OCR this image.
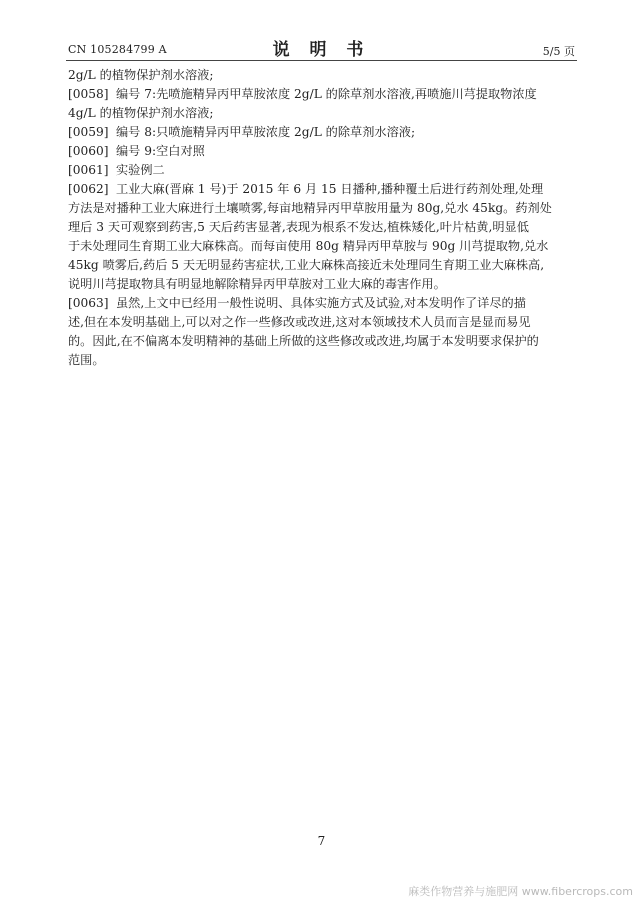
CN 105284799 A	说 明 书	5/5 页
2g/L 的植物保护剂水溶液;
[0058] 编号 7:先喷施精异丙甲草胺浓度 2g/L 的除草剂水溶液,再喷施川芎提取物浓度
4g/L 的植物保护剂水溶液;
[0059] 编号 8:只喷施精异丙甲草胺浓度 2g/L 的除草剂水溶液;
[0060] 编号 9:空白对照
[0061] 实验例二
[0062] 工业大麻(晋麻 1 号)于 2015 年 6 月 15 日播种,播种覆土后进行药剂处理,处理
方法是对播种工业大麻进行土壤喷雾,每亩地精异丙甲草胺用量为 80g,兑水 45kg。药剂处
理后 3 天可观察到药害,5 天后药害显著,表现为根系不发达,植株矮化,叶片枯黄,明显低
于未处理同生育期工业大麻株高。而每亩使用 80g 精异丙甲草胺与 90g 川芎提取物,兑水
45kg 喷雾后,药后 5 天无明显药害症状,工业大麻株高接近未处理同生育期工业大麻株高,
说明川芎提取物具有明显地解除精异丙甲草胺对工业大麻的毒害作用。
[0063] 虽然,上文中已经用一般性说明、具体实施方式及试验,对本发明作了详尽的描
述,但在本发明基础上,可以对之作一些修改或改进,这对本领域技术人员而言是显而易见
的。因此,在不偏离本发明精神的基础上所做的这些修改或改进,均属于本发明要求保护的
范围。
7
麻类作物营养与施肥网 www.fibercrops.com
